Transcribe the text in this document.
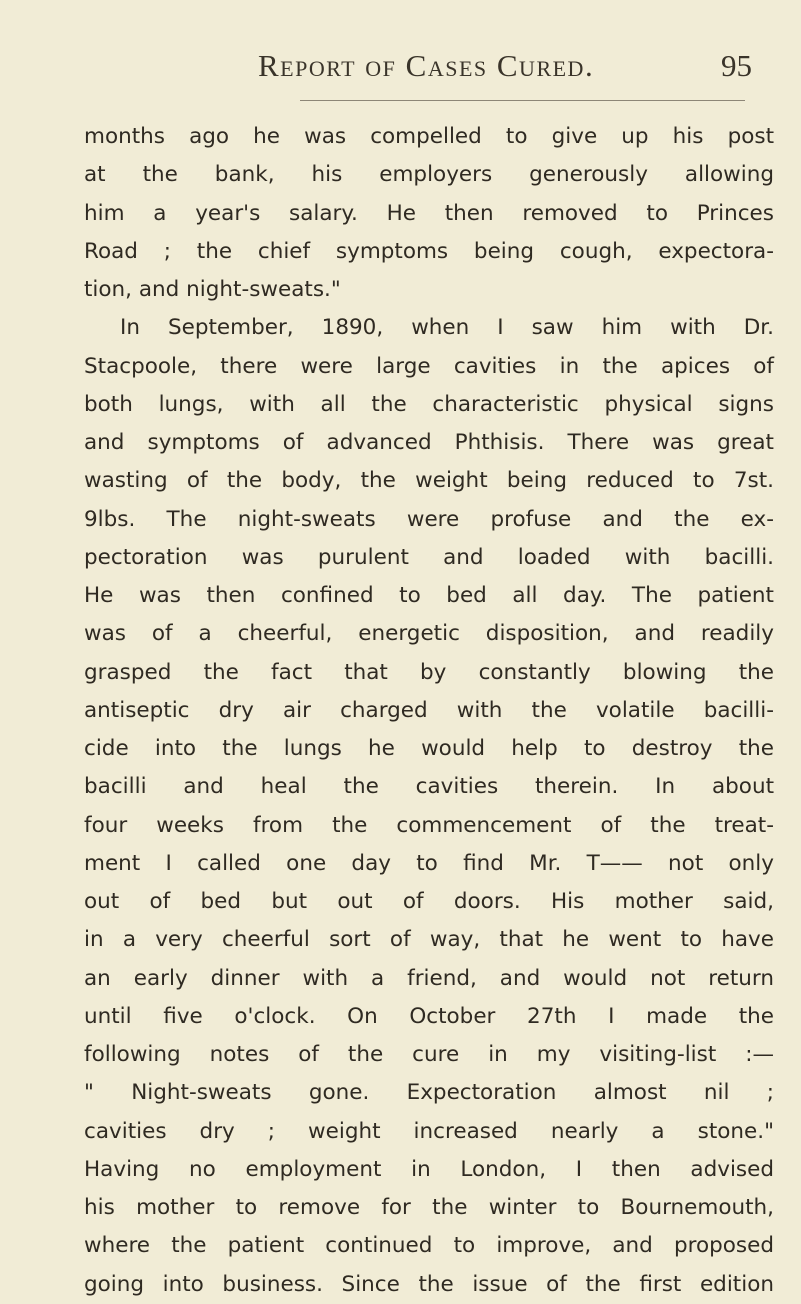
Report of Cases Cured.	95
months ago he was compelled to give up his post
at the bank, his employers generously allowing
him a year's salary. He then removed to Princes
Road ; the chief symptoms being cough, expectora-
tion, and night-sweats."
In September, 1890, when I saw him with Dr.
Stacpoole, there were large cavities in the apices of
both lungs, with all the characteristic physical signs
and symptoms of advanced Phthisis. There was great
wasting of the body, the weight being reduced to 7st.
9lbs. The night-sweats were profuse and the ex-
pectoration was purulent and loaded with bacilli.
He was then confined to bed all day. The patient
was of a cheerful, energetic disposition, and readily
grasped the fact that by constantly blowing the
antiseptic dry air charged with the volatile bacilli-
cide into the lungs he would help to destroy the
bacilli and heal the cavities therein. In about
four weeks from the commencement of the treat-
ment I called one day to find Mr. T—— not only
out of bed but out of doors. His mother said,
in a very cheerful sort of way, that he went to have
an early dinner with a friend, and would not return
until five o'clock. On October 27th I made the
following notes of the cure in my visiting-list :—
" Night-sweats gone. Expectoration almost nil ;
cavities dry ; weight increased nearly a stone."
Having no employment in London, I then advised
his mother to remove for the winter to Bournemouth,
where the patient continued to improve, and proposed
going into business. Since the issue of the first edition
